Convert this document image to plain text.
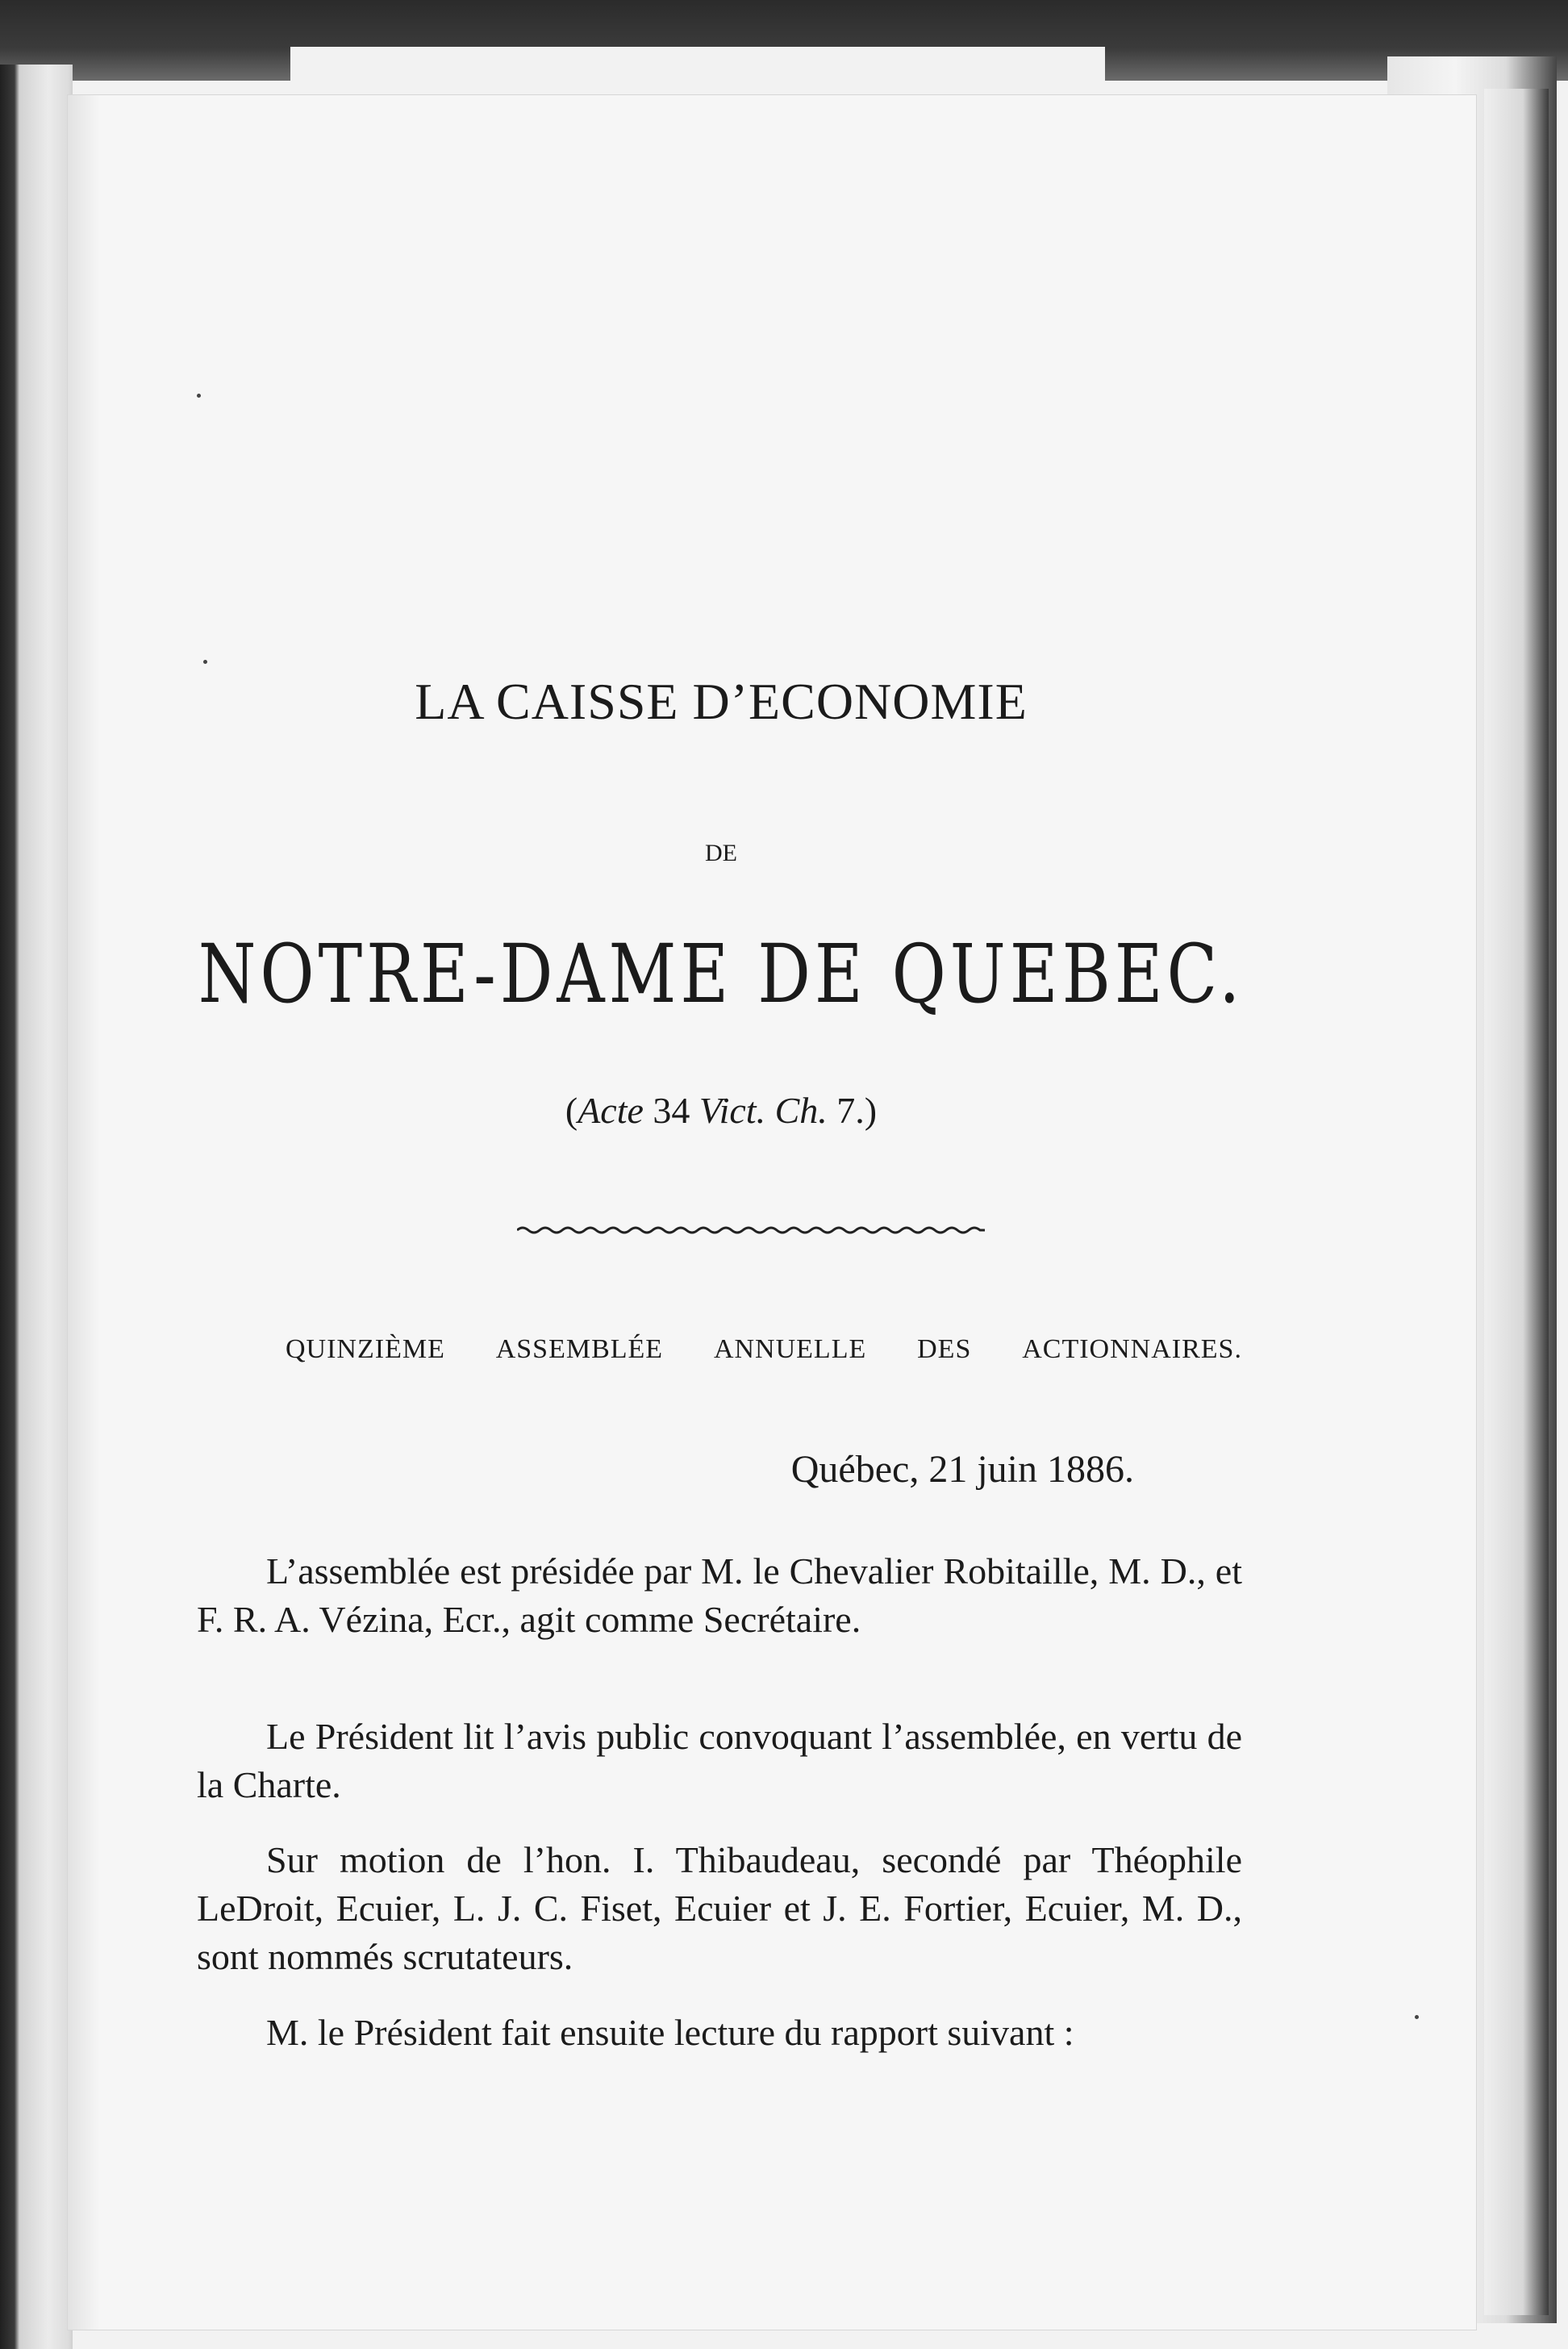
LA CAISSE D’ECONOMIE
DE
NOTRE-DAME DE QUEBEC.
(Acte 34 Vict. Ch. 7.)
QUINZIÈME ASSEMBLÉE ANNUELLE DES ACTIONNAIRES.
Québec, 21 juin 1886.
L’assemblée est présidée par M. le Chevalier Robitaille, M. D., et F. R. A. Vézina, Ecr., agit comme Secrétaire.
Le Président lit l’avis public convoquant l’assemblée, en vertu de la Charte.
Sur motion de l’hon. I. Thibaudeau, secondé par Théophile LeDroit, Ecuier, L. J. C. Fiset, Ecuier et J. E. Fortier, Ecuier, M. D., sont nommés scrutateurs.
M. le Président fait ensuite lecture du rapport suivant :
